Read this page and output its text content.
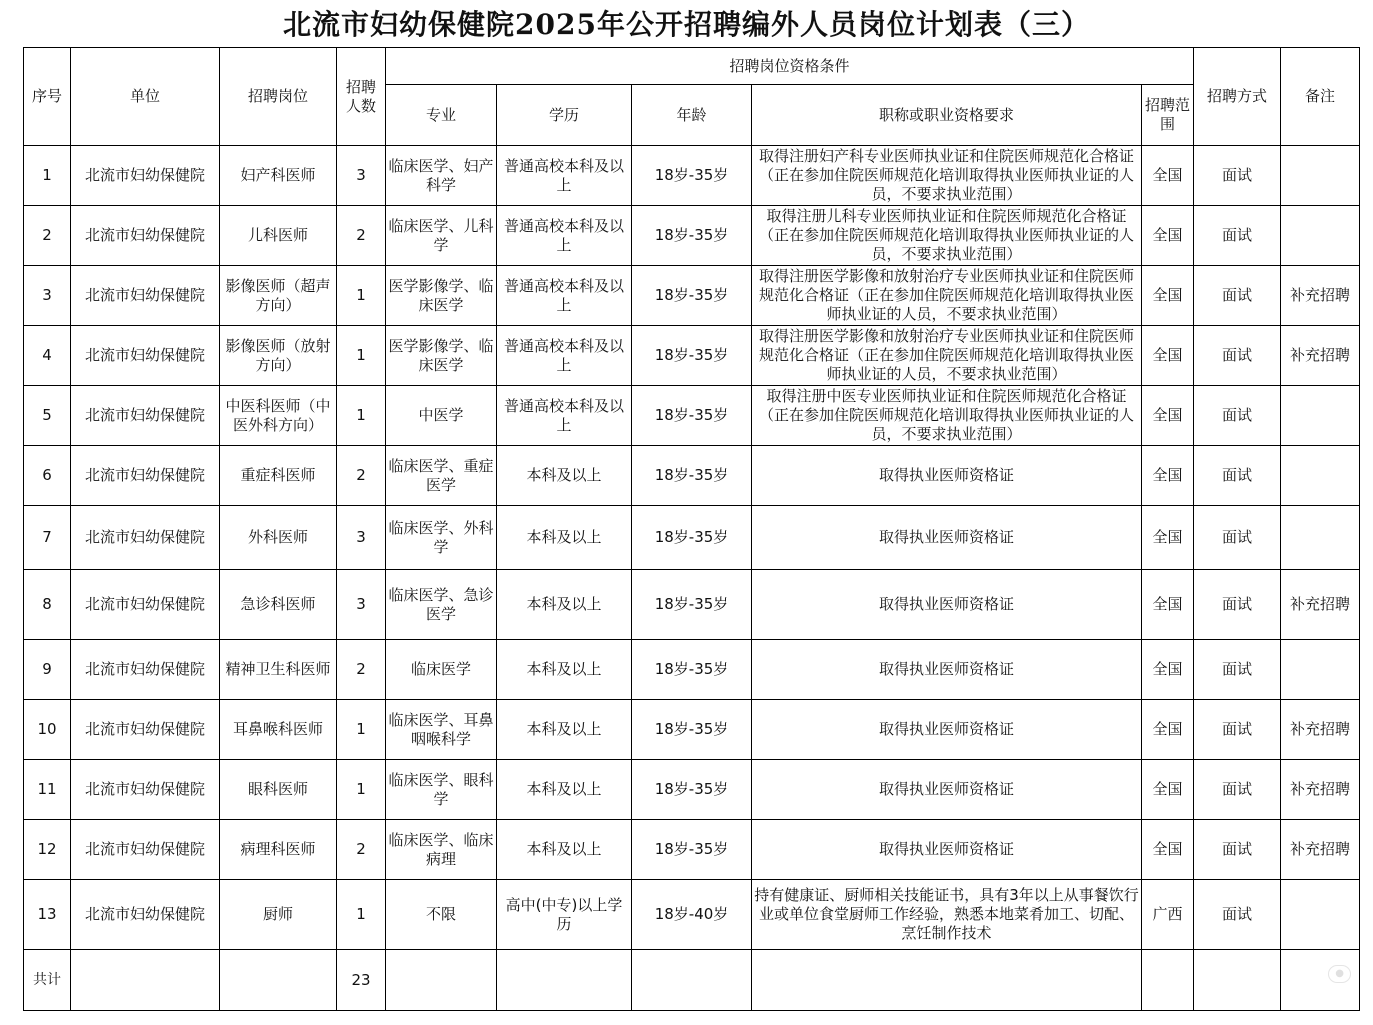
北流市妇幼保健院2025年公开招聘编外人员岗位计划表（三）
序号	单位	招聘岗位	招聘人数	招聘岗位资格条件					招聘方式	备注
				专业	学历	年龄	职称或职业资格要求	招聘范围		
1	北流市妇幼保健院	妇产科医师	3	临床医学、妇产科学	普通高校本科及以上	18岁-35岁	取得注册妇产科专业医师执业证和住院医师规范化合格证（正在参加住院医师规范化培训取得执业医师执业证的人员，不要求执业范围）	全国	面试	
2	北流市妇幼保健院	儿科医师	2	临床医学、儿科学	普通高校本科及以上	18岁-35岁	取得注册儿科专业医师执业证和住院医师规范化合格证（正在参加住院医师规范化培训取得执业医师执业证的人员，不要求执业范围）	全国	面试	
3	北流市妇幼保健院	影像医师（超声方向）	1	医学影像学、临床医学	普通高校本科及以上	18岁-35岁	取得注册医学影像和放射治疗专业医师执业证和住院医师规范化合格证（正在参加住院医师规范化培训取得执业医师执业证的人员，不要求执业范围）	全国	面试	补充招聘
4	北流市妇幼保健院	影像医师（放射方向）	1	医学影像学、临床医学	普通高校本科及以上	18岁-35岁	取得注册医学影像和放射治疗专业医师执业证和住院医师规范化合格证（正在参加住院医师规范化培训取得执业医师执业证的人员，不要求执业范围）	全国	面试	补充招聘
5	北流市妇幼保健院	中医科医师（中医外科方向）	1	中医学	普通高校本科及以上	18岁-35岁	取得注册中医专业医师执业证和住院医师规范化合格证（正在参加住院医师规范化培训取得执业医师执业证的人员，不要求执业范围）	全国	面试	
6	北流市妇幼保健院	重症科医师	2	临床医学、重症医学	本科及以上	18岁-35岁	取得执业医师资格证	全国	面试	
7	北流市妇幼保健院	外科医师	3	临床医学、外科学	本科及以上	18岁-35岁	取得执业医师资格证	全国	面试	
8	北流市妇幼保健院	急诊科医师	3	临床医学、急诊医学	本科及以上	18岁-35岁	取得执业医师资格证	全国	面试	补充招聘
9	北流市妇幼保健院	精神卫生科医师	2	临床医学	本科及以上	18岁-35岁	取得执业医师资格证	全国	面试	
10	北流市妇幼保健院	耳鼻喉科医师	1	临床医学、耳鼻咽喉科学	本科及以上	18岁-35岁	取得执业医师资格证	全国	面试	补充招聘
11	北流市妇幼保健院	眼科医师	1	临床医学、眼科学	本科及以上	18岁-35岁	取得执业医师资格证	全国	面试	补充招聘
12	北流市妇幼保健院	病理科医师	2	临床医学、临床病理	本科及以上	18岁-35岁	取得执业医师资格证	全国	面试	补充招聘
13	北流市妇幼保健院	厨师	1	不限	高中(中专)以上学历	18岁-40岁	持有健康证、厨师相关技能证书，具有3年以上从事餐饮行业或单位食堂厨师工作经验，熟悉本地菜肴加工、切配、烹饪制作技术	广西	面试	
共计			23								●
